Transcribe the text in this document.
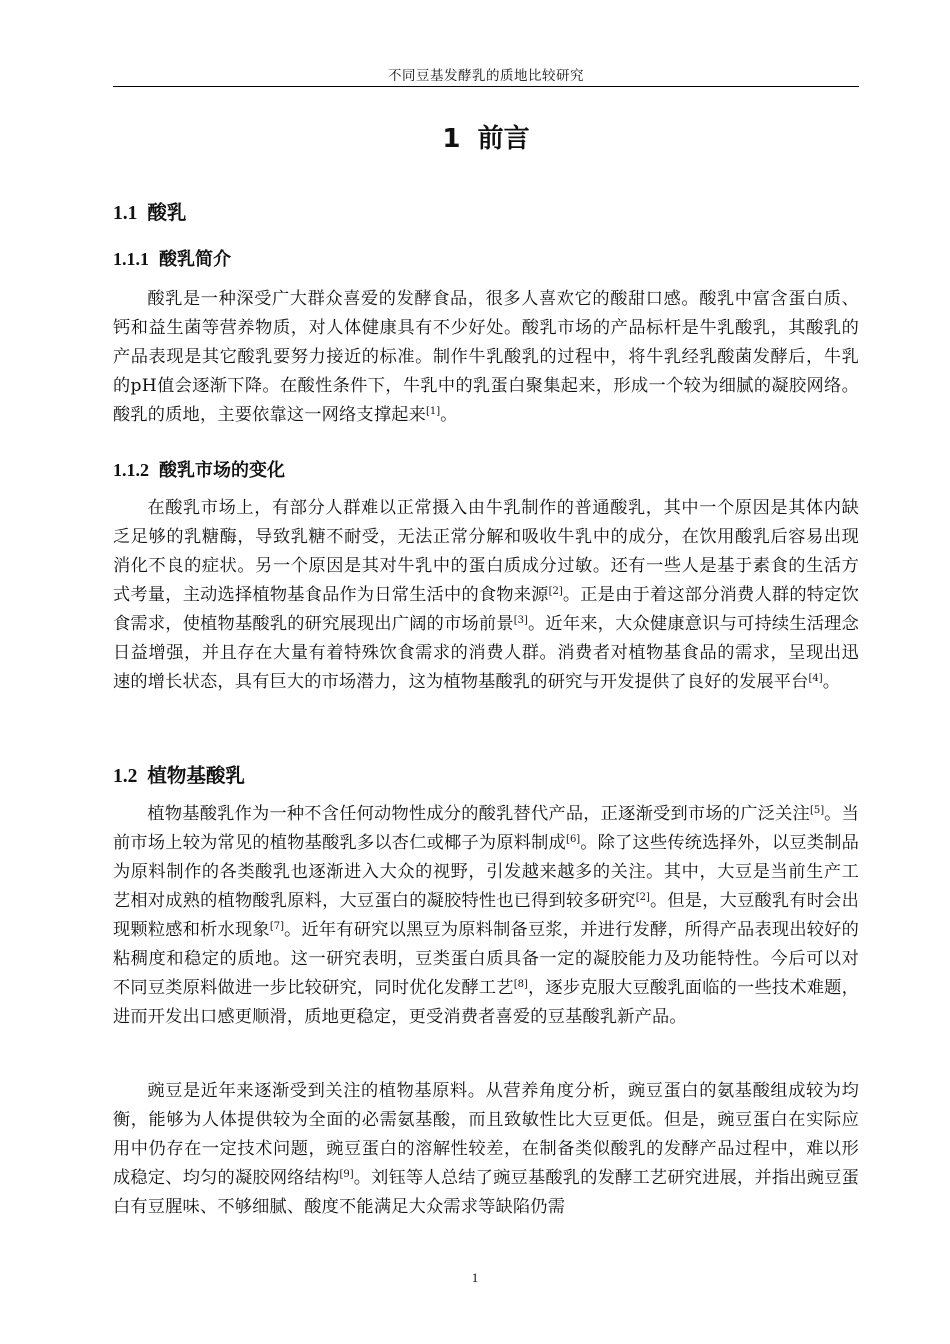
不同豆基发酵乳的质地比较研究
1 前言
1.1 酸乳
1.1.1 酸乳简介
酸乳是一种深受广大群众喜爱的发酵食品，很多人喜欢它的酸甜口感。酸乳中富含蛋白质、钙和益生菌等营养物质，对人体健康具有不少好处。酸乳市场的产品标杆是牛乳酸乳，其酸乳的产品表现是其它酸乳要努力接近的标准。制作牛乳酸乳的过程中，将牛乳经乳酸菌发酵后，牛乳的pH值会逐渐下降。在酸性条件下，牛乳中的乳蛋白聚集起来，形成一个较为细腻的凝胶网络。酸乳的质地，主要依靠这一网络支撑起来[1]。
1.1.2 酸乳市场的变化
在酸乳市场上，有部分人群难以正常摄入由牛乳制作的普通酸乳，其中一个原因是其体内缺乏足够的乳糖酶，导致乳糖不耐受，无法正常分解和吸收牛乳中的成分，在饮用酸乳后容易出现消化不良的症状。另一个原因是其对牛乳中的蛋白质成分过敏。还有一些人是基于素食的生活方式考量，主动选择植物基食品作为日常生活中的食物来源[2]。正是由于着这部分消费人群的特定饮食需求，使植物基酸乳的研究展现出广阔的市场前景[3]。近年来，大众健康意识与可持续生活理念日益增强，并且存在大量有着特殊饮食需求的消费人群。消费者对植物基食品的需求，呈现出迅速的增长状态，具有巨大的市场潜力，这为植物基酸乳的研究与开发提供了良好的发展平台[4]。
1.2 植物基酸乳
植物基酸乳作为一种不含任何动物性成分的酸乳替代产品，正逐渐受到市场的广泛关注[5]。当前市场上较为常见的植物基酸乳多以杏仁或椰子为原料制成[6]。除了这些传统选择外，以豆类制品为原料制作的各类酸乳也逐渐进入大众的视野，引发越来越多的关注。其中，大豆是当前生产工艺相对成熟的植物酸乳原料，大豆蛋白的凝胶特性也已得到较多研究[2]。但是，大豆酸乳有时会出现颗粒感和析水现象[7]。近年有研究以黑豆为原料制备豆浆，并进行发酵，所得产品表现出较好的粘稠度和稳定的质地。这一研究表明，豆类蛋白质具备一定的凝胶能力及功能特性。今后可以对不同豆类原料做进一步比较研究，同时优化发酵工艺[8]，逐步克服大豆酸乳面临的一些技术难题，进而开发出口感更顺滑，质地更稳定，更受消费者喜爱的豆基酸乳新产品。
豌豆是近年来逐渐受到关注的植物基原料。从营养角度分析，豌豆蛋白的氨基酸组成较为均衡，能够为人体提供较为全面的必需氨基酸，而且致敏性比大豆更低。但是，豌豆蛋白在实际应用中仍存在一定技术问题，豌豆蛋白的溶解性较差，在制备类似酸乳的发酵产品过程中，难以形成稳定、均匀的凝胶网络结构[9]。刘钰等人总结了豌豆基酸乳的发酵工艺研究进展，并指出豌豆蛋白有豆腥味、不够细腻、酸度不能满足大众需求等缺陷仍需
1
